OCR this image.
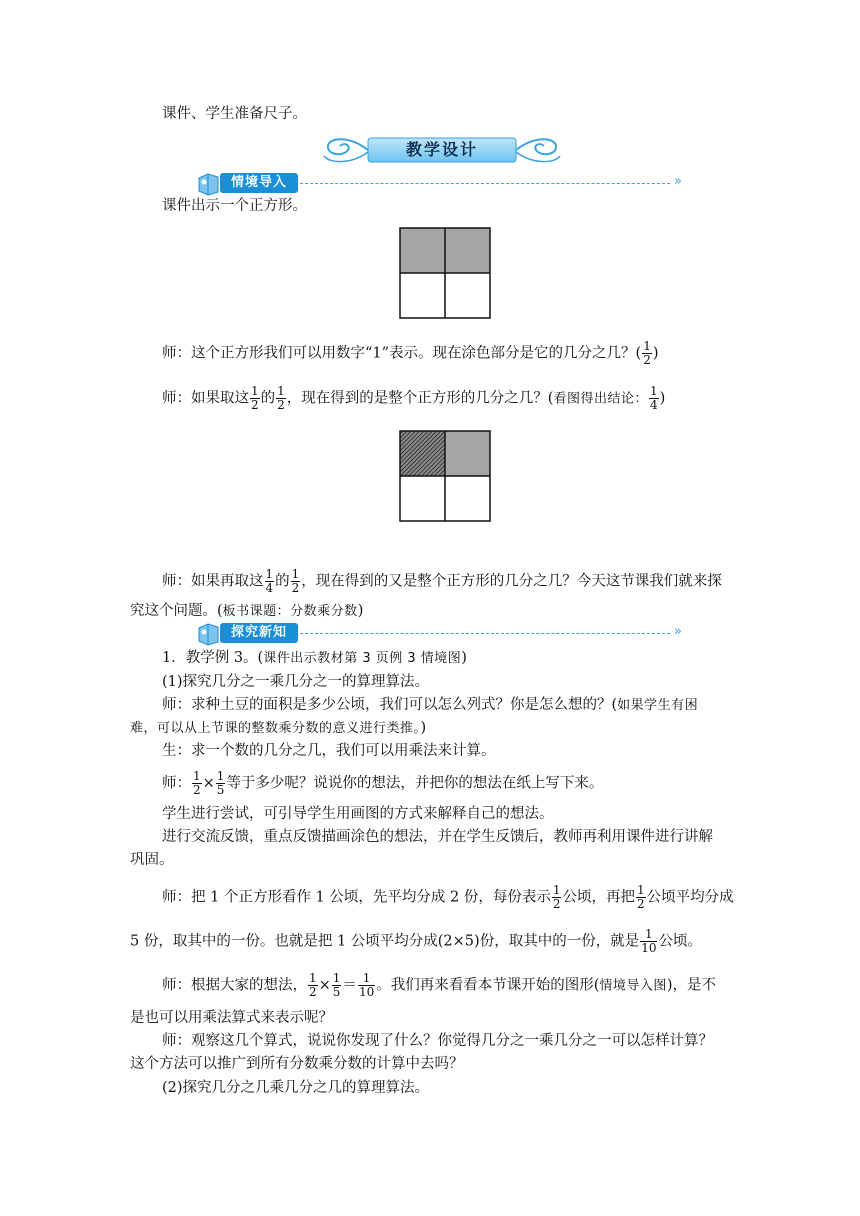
课件、学生准备尺子。
教学设计
情境导入	»
课件出示一个正方形。
师：这个正方形我们可以用数字“1”表示。现在涂色部分是它的几分之几？( $\frac{1}{2}$ )
师：如果取这 $\frac{1}{2}$ 的 $\frac{1}{2}$ ，现在得到的是整个正方形的几分之几？(看图得出结论： $\frac{1}{4}$ )
师：如果再取这 $\frac{1}{4}$ 的 $\frac{1}{2}$ ，现在得到的又是整个正方形的几分之几？今天这节课我们就来探
究这个问题。(板书课题：分数乘分数)
探究新知	»
1．教学例 3。(课件出示教材第 3 页例 3 情境图)
(1)探究几分之一乘几分之一的算理算法。
师：求种土豆的面积是多少公顷，我们可以怎么列式？你是怎么想的？(如果学生有困
难，可以从上节课的整数乘分数的意义进行类推。)
生：求一个数的几分之几，我们可以用乘法来计算。
师： $\frac{1}{2} \times \frac{1}{5}$ 等于多少呢？说说你的想法，并把你的想法在纸上写下来。
学生进行尝试，可引导学生用画图的方式来解释自己的想法。
进行交流反馈，重点反馈描画涂色的想法，并在学生反馈后，教师再利用课件进行讲解
巩固。
师：把 1 个正方形看作 1 公顷，先平均分成 2 份，每份表示 $\frac{1}{2}$ 公顷，再把 $\frac{1}{2}$ 公顷平均分成
5 份，取其中的一份。也就是把 1 公顷平均分成(2×5)份，取其中的一份，就是 $\frac{1}{10}$ 公顷。
师：根据大家的想法， $\frac{1}{2} \times \frac{1}{5} = \frac{1}{10}$ 。我们再来看看本节课开始的图形(情境导入图)，是不
是也可以用乘法算式来表示呢？
师：观察这几个算式，说说你发现了什么？你觉得几分之一乘几分之一可以怎样计算？
这个方法可以推广到所有分数乘分数的计算中去吗？
(2)探究几分之几乘几分之几的算理算法。
